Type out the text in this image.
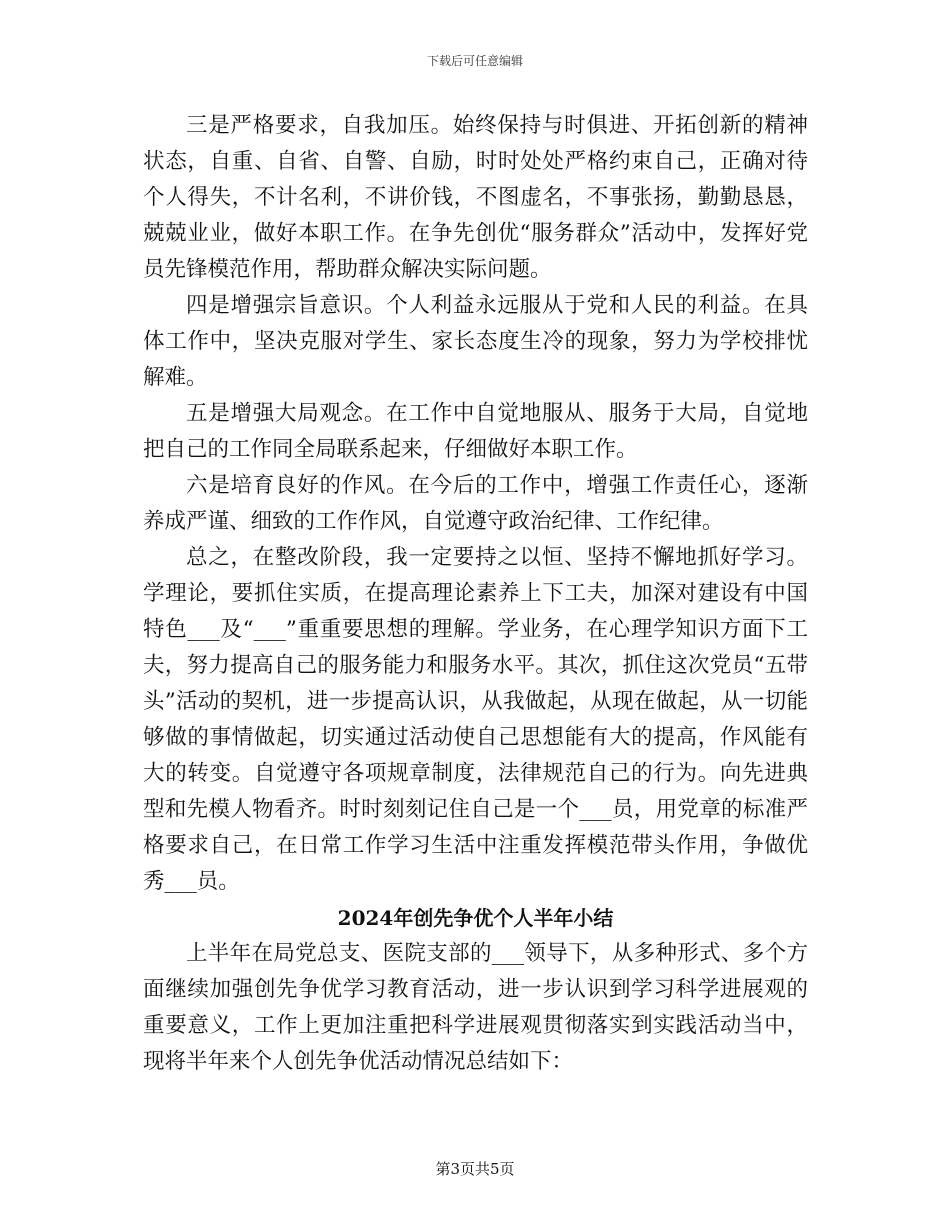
下载后可任意编辑

三是严格要求，自我加压。始终保持与时俱进、开拓创新的精神状态，自重、自省、自警、自励，时时处处严格约束自己，正确对待个人得失，不计名利，不讲价钱，不图虚名，不事张扬，勤勤恳恳，兢兢业业，做好本职工作。在争先创优“服务群众”活动中，发挥好党员先锋模范作用，帮助群众解决实际问题。

四是增强宗旨意识。个人利益永远服从于党和人民的利益。在具体工作中，坚决克服对学生、家长态度生冷的现象，努力为学校排忧解难。

五是增强大局观念。在工作中自觉地服从、服务于大局，自觉地把自己的工作同全局联系起来，仔细做好本职工作。

六是培育良好的作风。在今后的工作中，增强工作责任心，逐渐养成严谨、细致的工作作风，自觉遵守政治纪律、工作纪律。

总之，在整改阶段，我一定要持之以恒、坚持不懈地抓好学习。学理论，要抓住实质，在提高理论素养上下工夫，加深对建设有中国特色___及“___”重重要思想的理解。学业务，在心理学知识方面下工夫，努力提高自己的服务能力和服务水平。其次，抓住这次党员“五带头”活动的契机，进一步提高认识，从我做起，从现在做起，从一切能够做的事情做起，切实通过活动使自己思想能有大的提高，作风能有大的转变。自觉遵守各项规章制度，法律规范自己的行为。向先进典型和先模人物看齐。时时刻刻记住自己是一个___员，用党章的标准严格要求自己，在日常工作学习生活中注重发挥模范带头作用，争做优秀___员。

2024年创先争优个人半年小结

上半年在局党总支、医院支部的___领导下，从多种形式、多个方面继续加强创先争优学习教育活动，进一步认识到学习科学进展观的重要意义，工作上更加注重把科学进展观贯彻落实到实践活动当中，现将半年来个人创先争优活动情况总结如下：

第3页共5页
